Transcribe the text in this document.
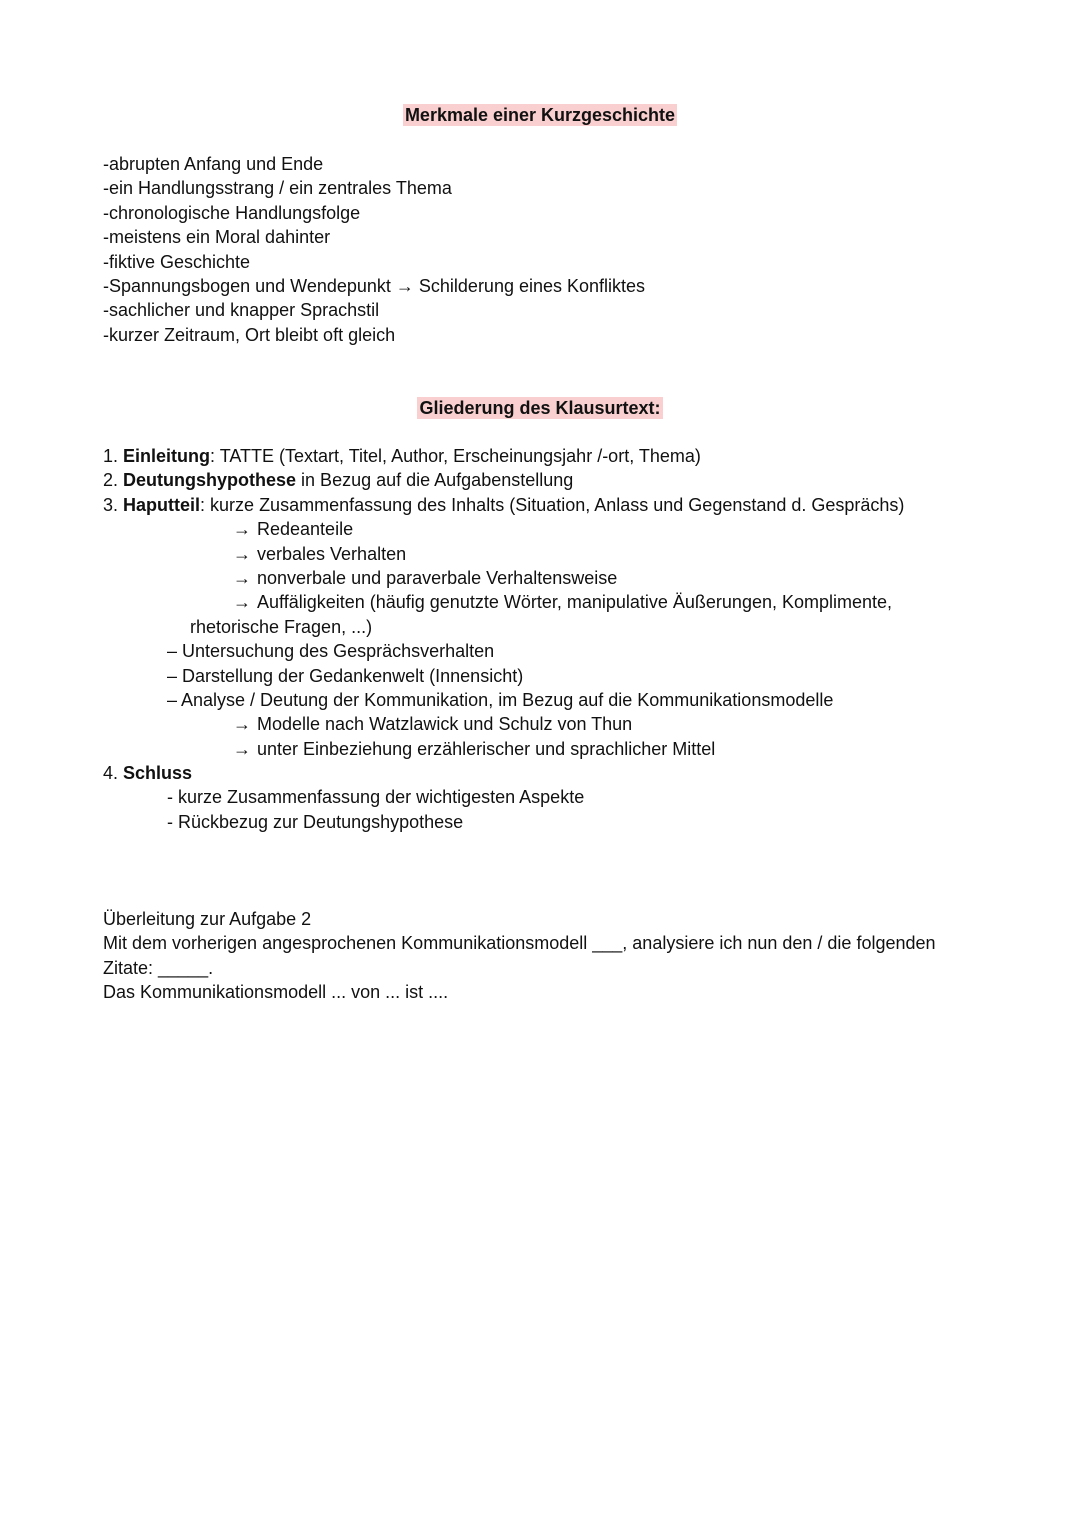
Merkmale einer Kurzgeschichte
-abrupten Anfang und Ende
-ein Handlungsstrang / ein zentrales Thema
-chronologische Handlungsfolge
-meistens ein Moral dahinter
-fiktive Geschichte
-Spannungsbogen und Wendepunkt → Schilderung eines Konfliktes
-sachlicher und knapper Sprachstil
-kurzer Zeitraum, Ort bleibt oft gleich
Gliederung des Klausurtext:
1. Einleitung: TATTE (Textart, Titel, Author, Erscheinungsjahr /-ort, Thema)
2. Deutungshypothese in Bezug auf die Aufgabenstellung
3. Haputteil: kurze Zusammenfassung des Inhalts (Situation, Anlass und Gegenstand d. Gesprächs)
→ Redeanteile
→ verbales Verhalten
→ nonverbale und paraverbale Verhaltensweise
→ Auffäligkeiten (häufig genutzte Wörter, manipulative Äußerungen, Komplimente,
rhetorische Fragen, ...)
– Untersuchung des Gesprächsverhalten
– Darstellung der Gedankenwelt (Innensicht)
– Analyse / Deutung der Kommunikation, im Bezug auf die Kommunikationsmodelle
→ Modelle nach Watzlawick und Schulz von Thun
→ unter Einbeziehung erzählerischer und sprachlicher Mittel
4. Schluss
- kurze Zusammenfassung der wichtigesten Aspekte
- Rückbezug zur Deutungshypothese
Überleitung zur Aufgabe 2
Mit dem vorherigen angesprochenen Kommunikationsmodell ___, analysiere ich nun den / die folgenden
Zitate: _____.
Das Kommunikationsmodell ... von ... ist ....
